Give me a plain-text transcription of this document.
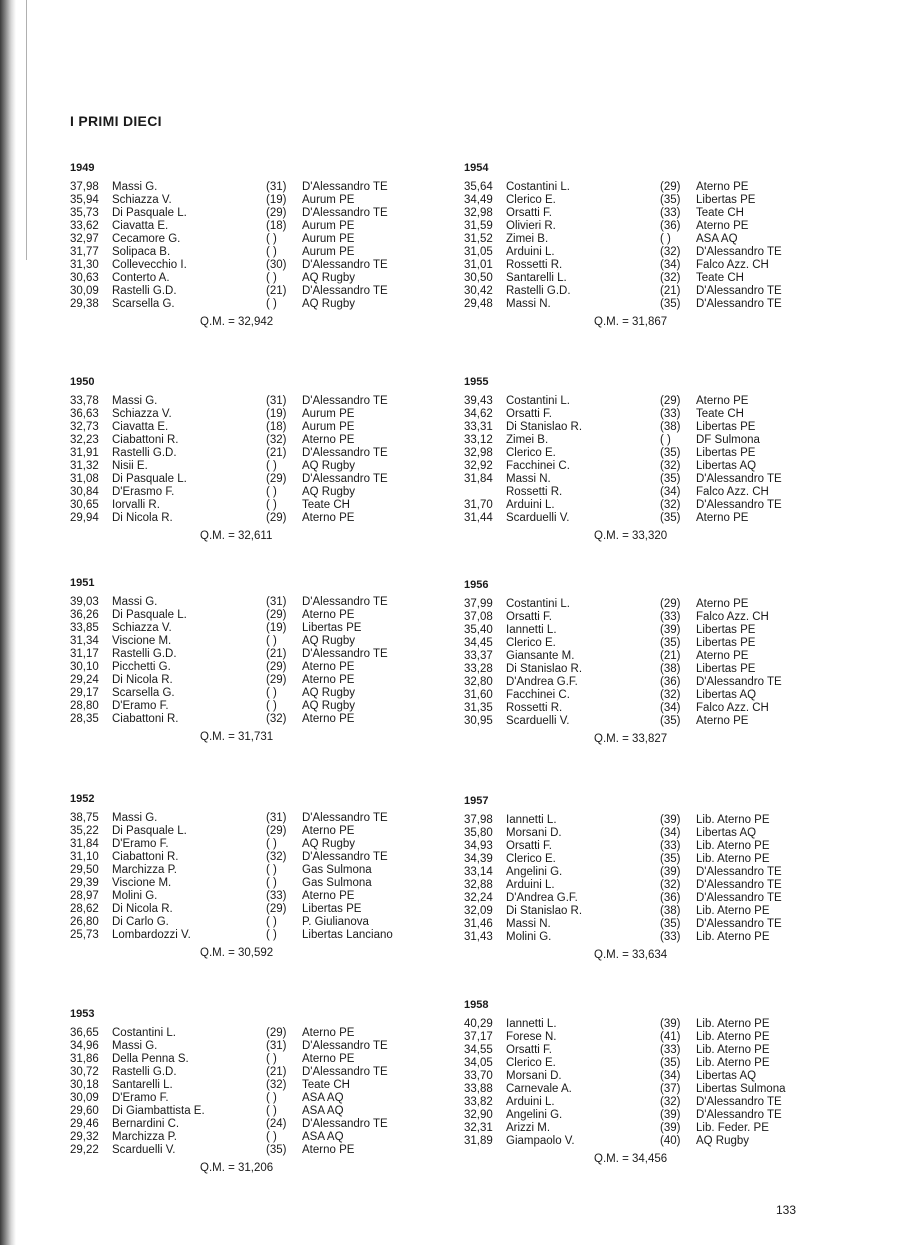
I PRIMI DIECI
1949
37,98 Massi G.	(31) D'Alessandro TE
35,94 Schiazza V.	(19) Aurum PE
35,73 Di Pasquale L.	(29) D'Alessandro TE
33,62 Ciavatta E.	(18) Aurum PE
32,97 Cecamore G.	( ) Aurum PE
31,77 Solipaca B.	( ) Aurum PE
31,30 Collevecchio I.	(30) D'Alessandro TE
30,63 Conterto A.	( ) AQ Rugby
30,09 Rastelli G.D.	(21) D'Alessandro TE
29,38 Scarsella G.	( ) AQ Rugby
Q.M. = 32,942
1950
33,78 Massi G.	(31) D'Alessandro TE
36,63 Schiazza V.	(19) Aurum PE
32,73 Ciavatta E.	(18) Aurum PE
32,23 Ciabattoni R.	(32) Aterno PE
31,91 Rastelli G.D.	(21) D'Alessandro TE
31,32 Nisii E.	( ) AQ Rugby
31,08 Di Pasquale L.	(29) D'Alessandro TE
30,84 D'Erasmo F.	( ) AQ Rugby
30,65 Iorvalli R.	( ) Teate CH
29,94 Di Nicola R.	(29) Aterno PE
Q.M. = 32,611
1951
39,03 Massi G.	(31) D'Alessandro TE
36,26 Di Pasquale L.	(29) Aterno PE
33,85 Schiazza V.	(19) Libertas PE
31,34 Viscione M.	( ) AQ Rugby
31,17 Rastelli G.D.	(21) D'Alessandro TE
30,10 Picchetti G.	(29) Aterno PE
29,24 Di Nicola R.	(29) Aterno PE
29,17 Scarsella G.	( ) AQ Rugby
28,80 D'Eramo F.	( ) AQ Rugby
28,35 Ciabattoni R.	(32) Aterno PE
Q.M. = 31,731
1952
38,75 Massi G.	(31) D'Alessandro TE
35,22 Di Pasquale L.	(29) Aterno PE
31,84 D'Eramo F.	( ) AQ Rugby
31,10 Ciabattoni R.	(32) D'Alessandro TE
29,50 Marchizza P.	( ) Gas Sulmona
29,39 Viscione M.	( ) Gas Sulmona
28,97 Molini G.	(33) Aterno PE
28,62 Di Nicola R.	(29) Libertas PE
26,80 Di Carlo G.	( ) P. Giulianova
25,73 Lombardozzi V.	( ) Libertas Lanciano
Q.M. = 30,592
1953
36,65 Costantini L.	(29) Aterno PE
34,96 Massi G.	(31) D'Alessandro TE
31,86 Della Penna S.	( ) Aterno PE
30,72 Rastelli G.D.	(21) D'Alessandro TE
30,18 Santarelli L.	(32) Teate CH
30,09 D'Eramo F.	( ) ASA AQ
29,60 Di Giambattista E.	( ) ASA AQ
29,46 Bernardini C.	(24) D'Alessandro TE
29,32 Marchizza P.	( ) ASA AQ
29,22 Scarduelli V.	(35) Aterno PE
Q.M. = 31,206
1954
35,64 Costantini L.	(29) Aterno PE
34,49 Clerico E.	(35) Libertas PE
32,98 Orsatti F.	(33) Teate CH
31,59 Olivieri R.	(36) Aterno PE
31,52 Zimei B.	( ) ASA AQ
31,05 Arduini L.	(32) D'Alessandro TE
31,01 Rossetti R.	(34) Falco Azz. CH
30,50 Santarelli L.	(32) Teate CH
30,42 Rastelli G.D.	(21) D'Alessandro TE
29,48 Massi N.	(35) D'Alessandro TE
Q.M. = 31,867
1955
39,43 Costantini L.	(29) Aterno PE
34,62 Orsatti F.	(33) Teate CH
33,31 Di Stanislao R.	(38) Libertas PE
33,12 Zimei B.	( ) DF Sulmona
32,98 Clerico E.	(35) Libertas PE
32,92 Facchinei C.	(32) Libertas AQ
31,84 Massi N.	(35) D'Alessandro TE
Rossetti R.	(34) Falco Azz. CH
31,70 Arduini L.	(32) D'Alessandro TE
31,44 Scarduelli V.	(35) Aterno PE
Q.M. = 33,320
1956
37,99 Costantini L.	(29) Aterno PE
37,08 Orsatti F.	(33) Falco Azz. CH
35,40 Iannetti L.	(39) Libertas PE
34,45 Clerico E.	(35) Libertas PE
33,37 Giansante M.	(21) Aterno PE
33,28 Di Stanislao R.	(38) Libertas PE
32,80 D'Andrea G.F.	(36) D'Alessandro TE
31,60 Facchinei C.	(32) Libertas AQ
31,35 Rossetti R.	(34) Falco Azz. CH
30,95 Scarduelli V.	(35) Aterno PE
Q.M. = 33,827
1957
37,98 Iannetti L.	(39) Lib. Aterno PE
35,80 Morsani D.	(34) Libertas AQ
34,93 Orsatti F.	(33) Lib. Aterno PE
34,39 Clerico E.	(35) Lib. Aterno PE
33,14 Angelini G.	(39) D'Alessandro TE
32,88 Arduini L.	(32) D'Alessandro TE
32,24 D'Andrea G.F.	(36) D'Alessandro TE
32,09 Di Stanislao R.	(38) Lib. Aterno PE
31,46 Massi N.	(35) D'Alessandro TE
31,43 Molini G.	(33) Lib. Aterno PE
Q.M. = 33,634
1958
40,29 Iannetti L.	(39) Lib. Aterno PE
37,17 Forese N.	(41) Lib. Aterno PE
34,55 Orsatti F.	(33) Lib. Aterno PE
34,05 Clerico E.	(35) Lib. Aterno PE
33,70 Morsani D.	(34) Libertas AQ
33,88 Carnevale A.	(37) Libertas Sulmona
33,82 Arduini L.	(32) D'Alessandro TE
32,90 Angelini G.	(39) D'Alessandro TE
32,31 Arizzi M.	(39) Lib. Feder. PE
31,89 Giampaolo V.	(40) AQ Rugby
Q.M. = 34,456
133
